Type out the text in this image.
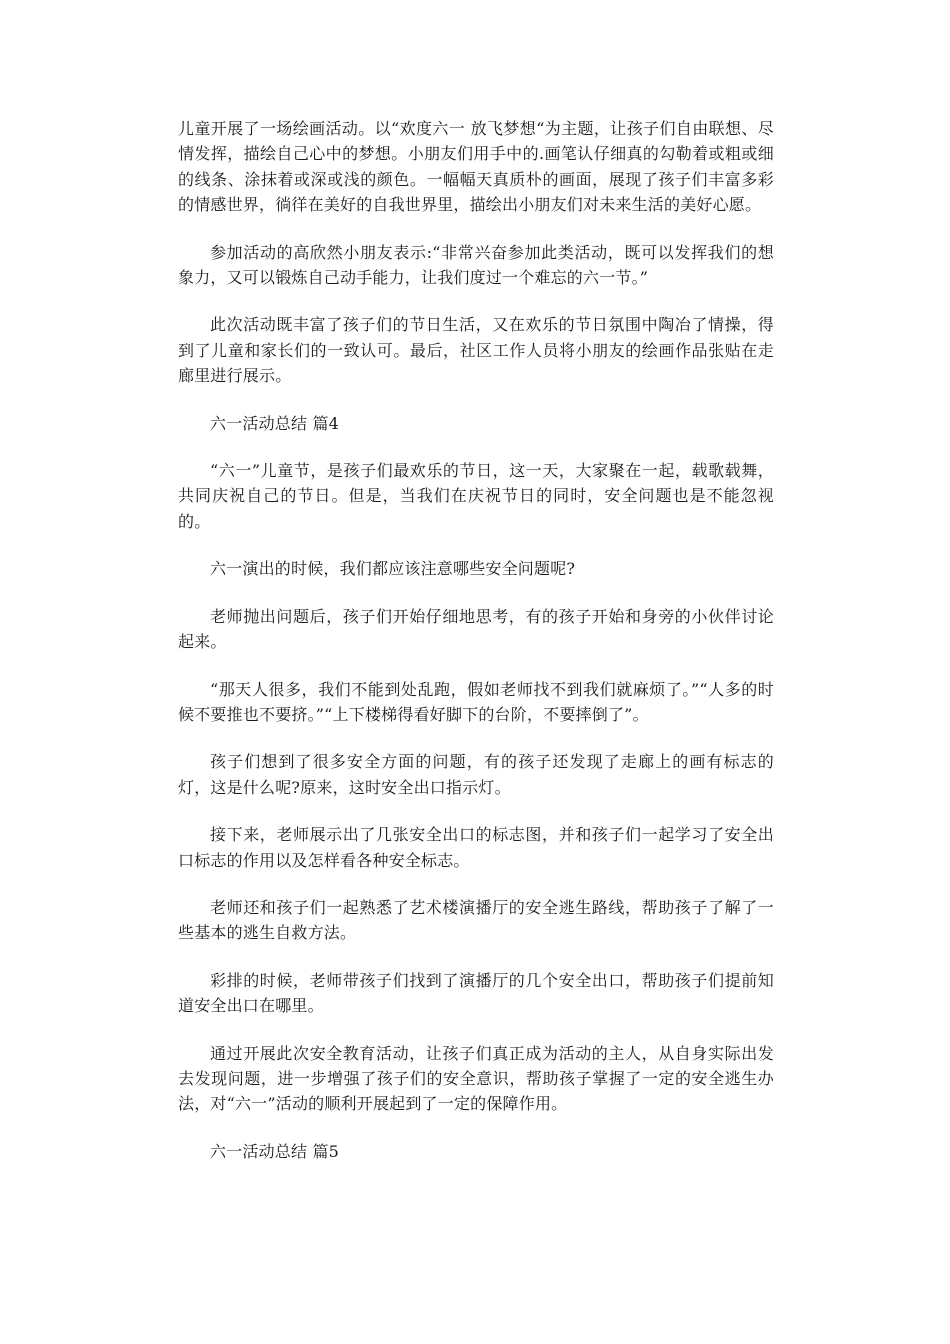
儿童开展了一场绘画活动。以“欢度六一 放飞梦想“为主题，让孩子们自由联想、尽情发挥，描绘自己心中的梦想。小朋友们用手中的.画笔认仔细真的勾勒着或粗或细的线条、涂抹着或深或浅的颜色。一幅幅天真质朴的画面，展现了孩子们丰富多彩的情感世界，徜徉在美好的自我世界里，描绘出小朋友们对未来生活的美好心愿。

参加活动的高欣然小朋友表示:“非常兴奋参加此类活动，既可以发挥我们的想象力，又可以锻炼自己动手能力，让我们度过一个难忘的六一节。”

此次活动既丰富了孩子们的节日生活，又在欢乐的节日氛围中陶冶了情操，得到了儿童和家长们的一致认可。最后，社区工作人员将小朋友的绘画作品张贴在走廊里进行展示。

六一活动总结 篇4

“六一”儿童节，是孩子们最欢乐的节日，这一天，大家聚在一起，载歌载舞，共同庆祝自己的节日。但是，当我们在庆祝节日的同时，安全问题也是不能忽视的。

六一演出的时候，我们都应该注意哪些安全问题呢?

老师抛出问题后，孩子们开始仔细地思考，有的孩子开始和身旁的小伙伴讨论起来。

“那天人很多，我们不能到处乱跑，假如老师找不到我们就麻烦了。”“人多的时候不要推也不要挤。”“上下楼梯得看好脚下的台阶，不要摔倒了”。

孩子们想到了很多安全方面的问题，有的孩子还发现了走廊上的画有标志的灯，这是什么呢?原来，这时安全出口指示灯。

接下来，老师展示出了几张安全出口的标志图，并和孩子们一起学习了安全出口标志的作用以及怎样看各种安全标志。

老师还和孩子们一起熟悉了艺术楼演播厅的安全逃生路线，帮助孩子了解了一些基本的逃生自救方法。

彩排的时候，老师带孩子们找到了演播厅的几个安全出口，帮助孩子们提前知道安全出口在哪里。

通过开展此次安全教育活动，让孩子们真正成为活动的主人，从自身实际出发去发现问题，进一步增强了孩子们的安全意识，帮助孩子掌握了一定的安全逃生办法，对“六一”活动的顺利开展起到了一定的保障作用。

六一活动总结 篇5
